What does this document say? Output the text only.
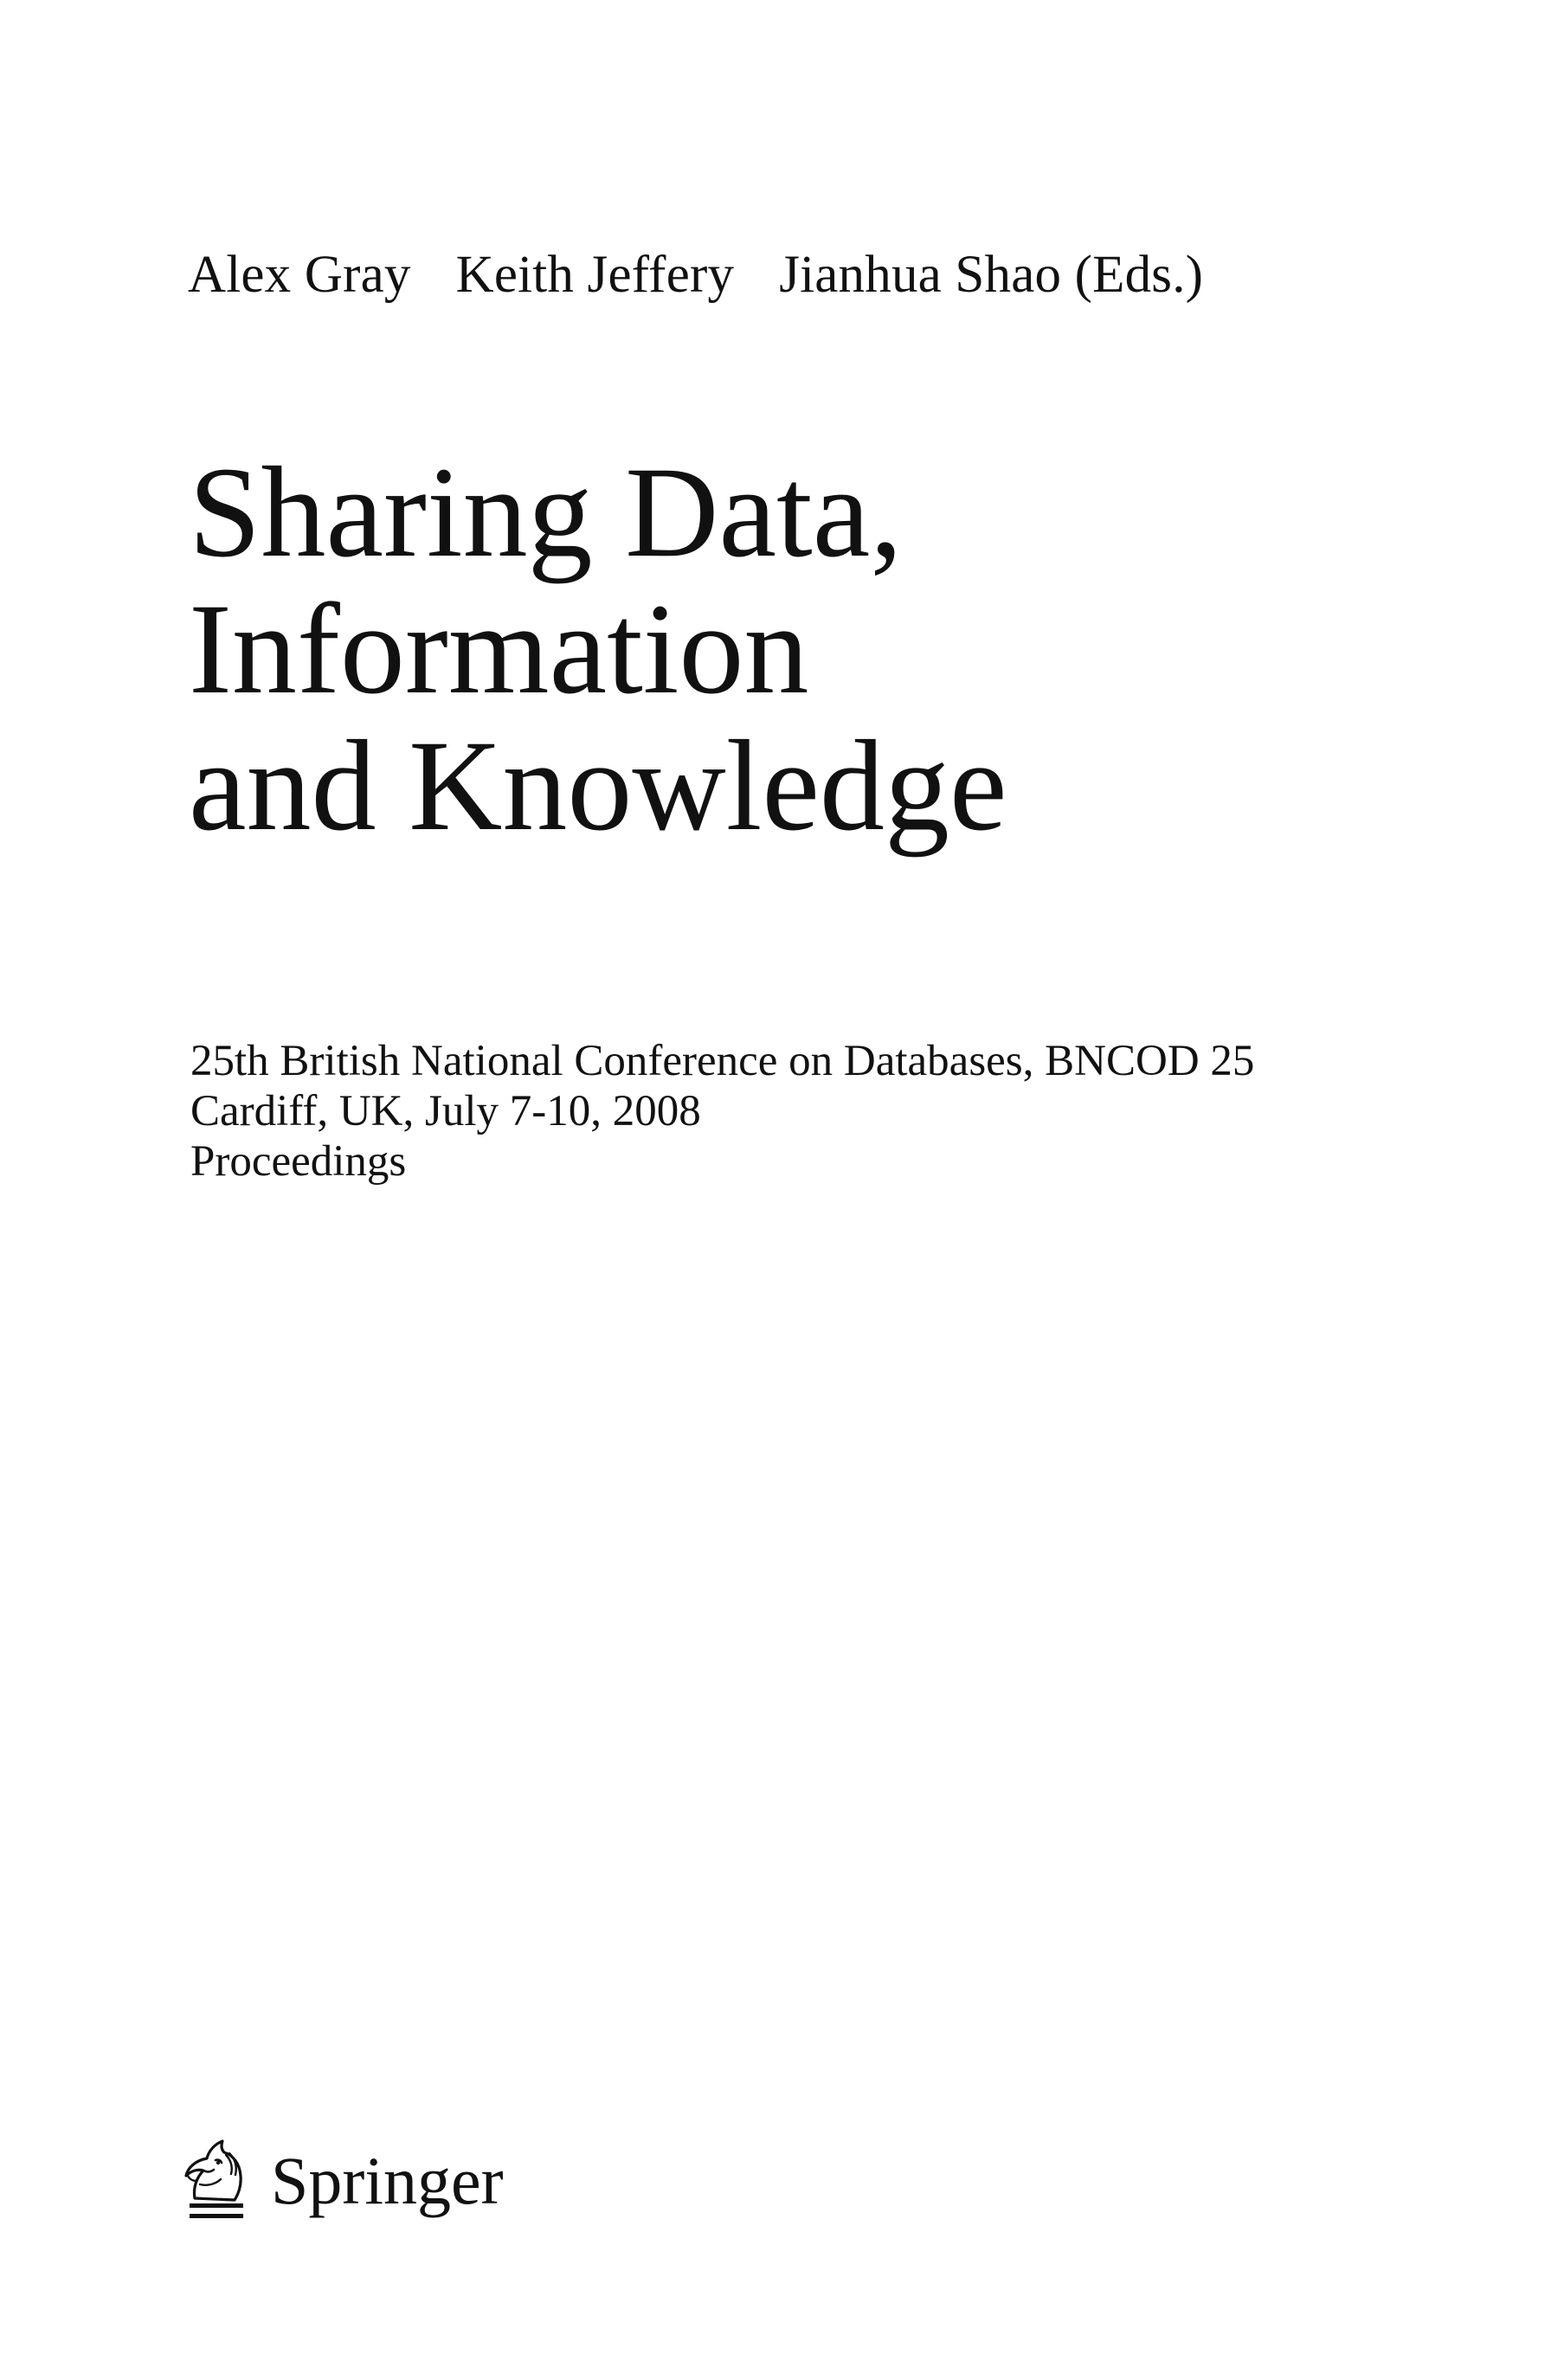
Alex Gray Keith Jeffery Jianhua Shao (Eds.)
Sharing Data,
Information
and Knowledge
25th British National Conference on Databases, BNCOD 25
Cardiff, UK, July 7-10, 2008
Proceedings
Springer
